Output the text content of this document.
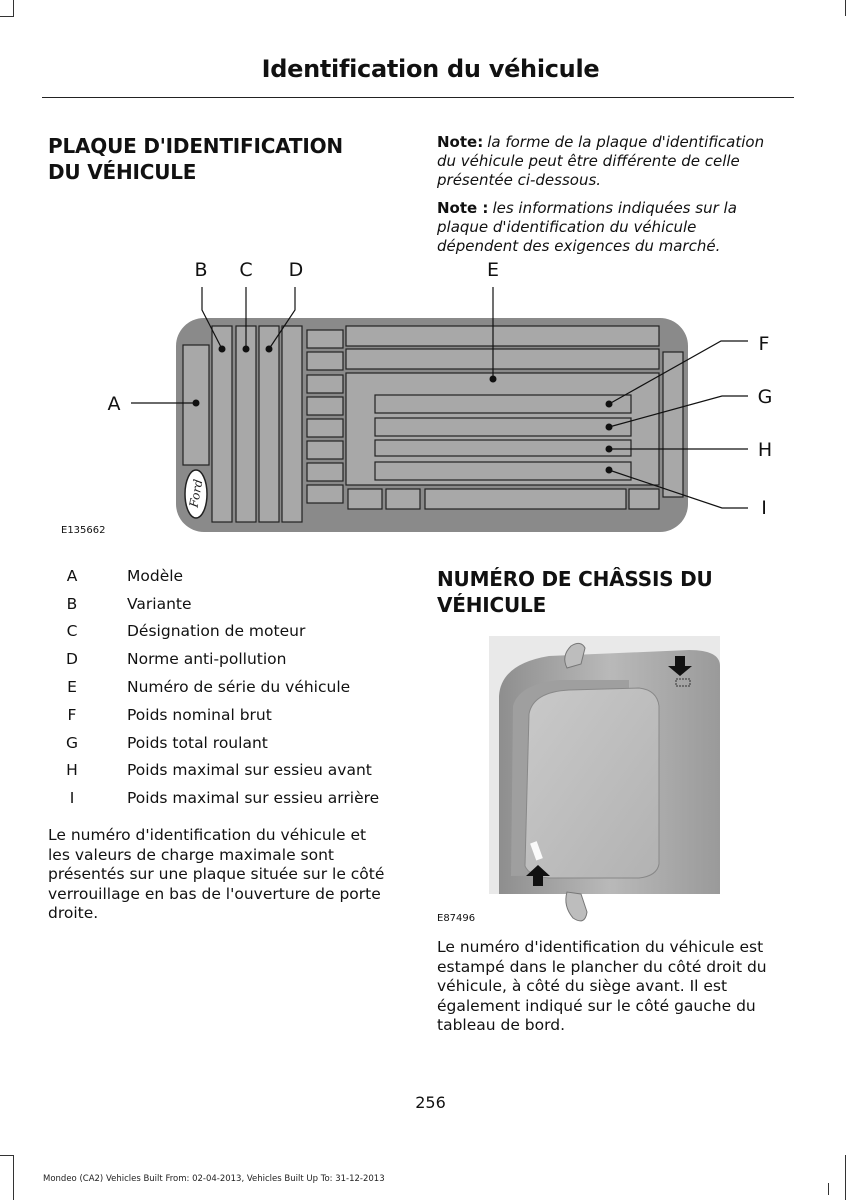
Identification du véhicule
PLAQUE D'IDENTIFICATION
DU VÉHICULE
Note: la forme de la plaque d'identification
du véhicule peut être différente de celle
présentée ci-dessous.
Note : les informations indiquées sur la
plaque d'identification du véhicule
dépendent des exigences du marché.
Ford
A
B C D	E
F
G
H
I
E135662
A	Modèle
B	Variante
C	Désignation de moteur
D	Norme anti-pollution
E	Numéro de série du véhicule
F	Poids nominal brut
G	Poids total roulant
H	Poids maximal sur essieu avant
I	Poids maximal sur essieu arrière
Le numéro d'identification du véhicule et
les valeurs de charge maximale sont
présentés sur une plaque située sur le côté
verrouillage en bas de l'ouverture de porte
droite.
NUMÉRO DE CHÂSSIS DU
VÉHICULE
E87496
Le numéro d'identification du véhicule est
estampé dans le plancher du côté droit du
véhicule, à côté du siège avant. Il est
également indiqué sur le côté gauche du
tableau de bord.
256
Mondeo (CA2) Vehicles Built From: 02-04-2013, Vehicles Built Up To: 31-12-2013
